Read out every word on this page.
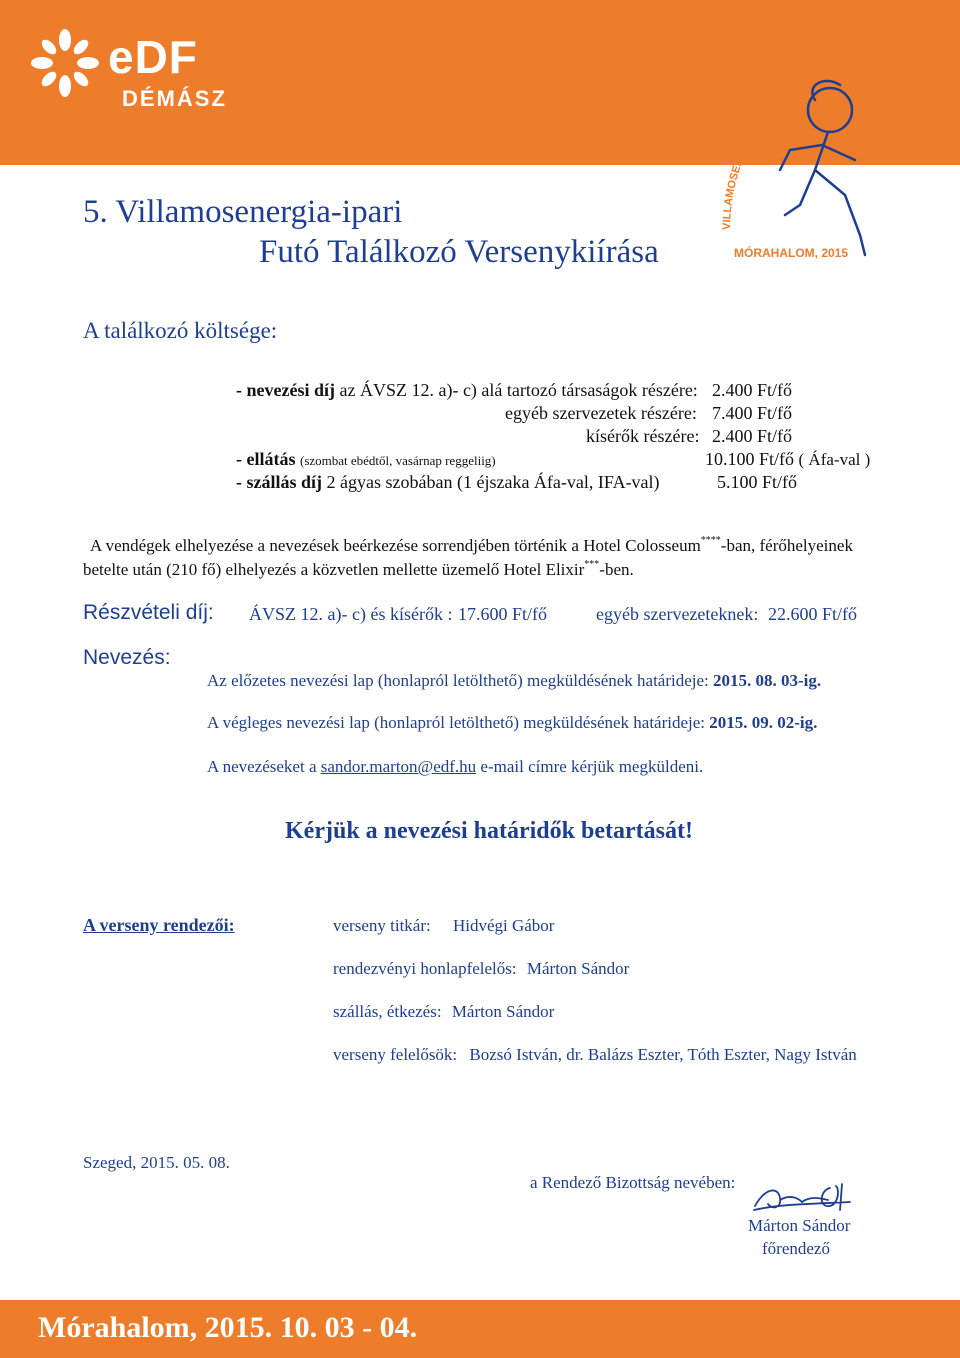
eDF
DÉMÁSZ
VILLAMOSENERGIA-IPARI FUTÓTALÁ
MÓRAHALOM, 2015
5. Villamosenergia-ipari
Futó Találkozó Versenykiírása
A találkozó költsége:
- nevezési díj az ÁVSZ 12. a)- c) alá tartozó társaságok részére: 2.400 Ft/fő
egyéb szervezetek részére: 7.400 Ft/fő
kísérők részére: 2.400 Ft/fő
- ellátás (szombat ebédtől, vasárnap reggeliig)	10.100 Ft/fő ( Áfa-val )
- szállás díj 2 ágyas szobában (1 éjszaka Áfa-val, IFA-val)	5.100 Ft/fő
A vendégek elhelyezése a nevezések beérkezése sorrendjében történik a Hotel Colosseum****-ban, férőhelyeinek
betelte után (210 fő) elhelyezés a közvetlen mellette üzemelő Hotel Elixir***-ben.
Részvételi díj: ÁVSZ 12. a)- c) és kísérők : 17.600 Ft/fő	egyéb szervezeteknek: 22.600 Ft/fő
Nevezés:
Az előzetes nevezési lap (honlapról letölthető) megküldésének határideje: 2015. 08. 03-ig.
A végleges nevezési lap (honlapról letölthető) megküldésének határideje: 2015. 09. 02-ig.
A nevezéseket a sandor.marton@edf.hu e-mail címre kérjük megküldeni.
Kérjük a nevezési határidők betartását!
A verseny rendezői:	verseny titkár: Hidvégi Gábor
rendezvényi honlapfelelős: Márton Sándor
szállás, étkezés: Márton Sándor
verseny felelősök: Bozsó István, dr. Balázs Eszter, Tóth Eszter, Nagy István
Szeged, 2015. 05. 08.
a Rendező Bizottság nevében:
Márton Sándor
főrendező
Mórahalom, 2015. 10. 03 - 04.
